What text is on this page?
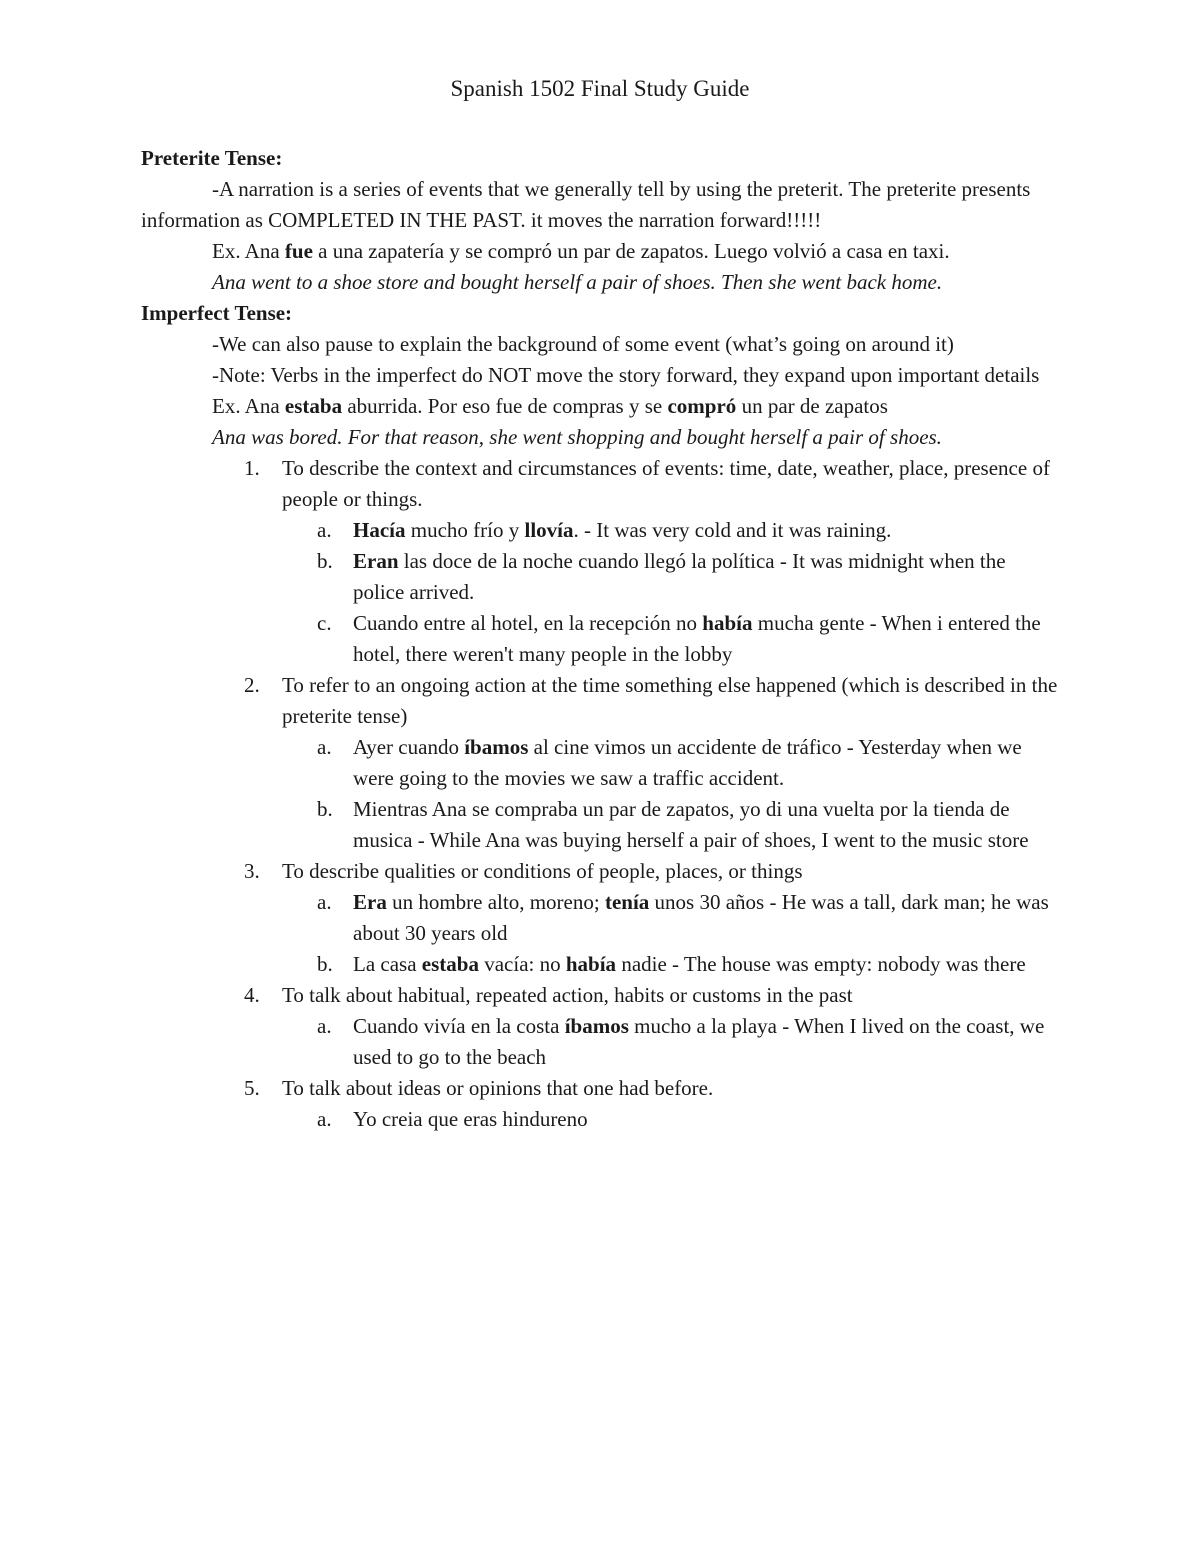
Spanish 1502 Final Study Guide

Preterite Tense:

-A narration is a series of events that we generally tell by using the preterit. The preterite presents information as COMPLETED IN THE PAST. it moves the narration forward!!!!!

Ex. Ana fue a una zapatería y se compró un par de zapatos. Luego volvió a casa en taxi.

Ana went to a shoe store and bought herself a pair of shoes. Then she went back home.

Imperfect Tense:

-We can also pause to explain the background of some event (what’s going on around it)

-Note: Verbs in the imperfect do NOT move the story forward, they expand upon important details

Ex. Ana estaba aburrida. Por eso fue de compras y se compró un par de zapatos

Ana was bored. For that reason, she went shopping and bought herself a pair of shoes.

1. To describe the context and circumstances of events: time, date, weather, place, presence of people or things.

a. Hacía mucho frío y llovía. - It was very cold and it was raining.

b. Eran las doce de la noche cuando llegó la política - It was midnight when the police arrived.

c. Cuando entre al hotel, en la recepción no había mucha gente - When i entered the hotel, there weren't many people in the lobby

2. To refer to an ongoing action at the time something else happened (which is described in the preterite tense)

a. Ayer cuando íbamos al cine vimos un accidente de tráfico - Yesterday when we were going to the movies we saw a traffic accident.

b. Mientras Ana se compraba un par de zapatos, yo di una vuelta por la tienda de musica - While Ana was buying herself a pair of shoes, I went to the music store

3. To describe qualities or conditions of people, places, or things

a. Era un hombre alto, moreno; tenía unos 30 años - He was a tall, dark man; he was about 30 years old

b. La casa estaba vacía: no había nadie - The house was empty: nobody was there

4. To talk about habitual, repeated action, habits or customs in the past

a. Cuando vivía en la costa íbamos mucho a la playa - When I lived on the coast, we used to go to the beach

5. To talk about ideas or opinions that one had before.

a. Yo creia que eras hindureno
